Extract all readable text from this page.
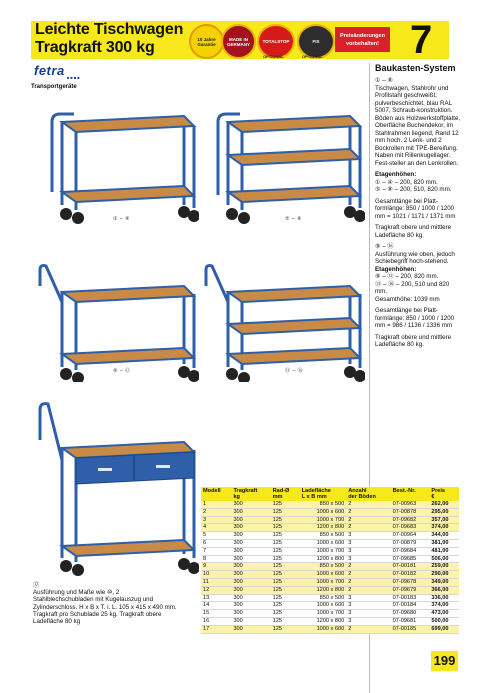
Leichte Tischwagen
Tragkraft 300 kg	10 Jahre Garantie
MADE IN GERMANY	TOTALSTOP	FIX
OPTIONAL	OPTIONAL
Preisänderungen
vorbehalten! 7
fetra ■■■■
Transportgeräte
① – ④	⑤ – ⑧
⑨ – ⑫	⑬ – ⑯
⑰
Ausführung und Maße wie ⑩, 2 Stahlblechschubladen mit Kugelauszug und Zylinderschloss. H x B x T. i. L. 105 x 415 x 490 mm. Tragkraft pro Schublade 25 kg. Tragkraft obere Ladefläche 80 kg

Baukasten-System

① – ⑧

Tischwagen, Stahlrohr und Profilstahl geschweißt, pulverbeschichtet, blau RAL 5007, Schraub-konstruktion. Böden aus Holzwerkstoffplatte, Oberfläche Buchendekor, im Stahlrahmen liegend, Rand 12 mm hoch. 2 Lenk- und 2 Bockrollen mit TPE-Bereifung. Naben mit Rillenkugellager. Fest-steller an den Lenkrollen.

Etagenhöhen:

① – ④ – 200, 820 mm.

⑤ – ⑧ – 200, 510, 820 mm.

Gesamtlänge bei Platt-formlänge: 850 / 1000 / 1200 mm = 1021 / 1171 / 1371 mm

Tragkraft obere und mittlere Ladefläche 80 kg.

⑨ – ⑯

Ausführung wie oben, jedoch Schiebegriff hoch-stehend.

Etagenhöhen:

⑨ – ⑫ – 200, 820 mm.

⑬ – ⑯ – 200, 510 und 820 mm.

Gesamthöhe: 1039 mm

Gesamtlänge bei Platt-formlänge: 850 / 1000 / 1200 mm = 986 / 1136 / 1336 mm

Tragkraft obere und mittlere Ladefläche 80 kg.

Modell	Tragkraft
kg	Rad-Ø
mm	Ladefläche
L x B mm	Anzahl
der Böden	Best.-Nr.	Preis
€
1	300	125	850 x 500	2	07-00963	262,00
2	300	125	1000 x 600	2	07-00878	295,00
3	300	125	1000 x 700	2	07-09682	357,00
4	300	125	1200 x 800	2	07-09683	374,00
5	300	125	850 x 500	3	07-00964	344,00
6	300	125	1000 x 600	3	07-00879	381,00
7	300	125	1000 x 700	3	07-09684	481,00
8	300	125	1200 x 800	3	07-09685	506,00
9	300	125	850 x 500	2	07-00181	259,00
10	300	125	1000 x 600	2	07-00182	290,00
11	300	125	1000 x 700	2	07-09678	349,00
12	300	125	1200 x 800	2	07-09679	366,00
13	300	125	850 x 500	3	07-00183	336,00
14	300	125	1000 x 600	3	07-00184	374,00
15	300	125	1000 x 700	3	07-09680	473,00
16	300	125	1200 x 800	3	07-09681	500,00
17	300	125	1000 x 600	2	07-00185	699,00
199
